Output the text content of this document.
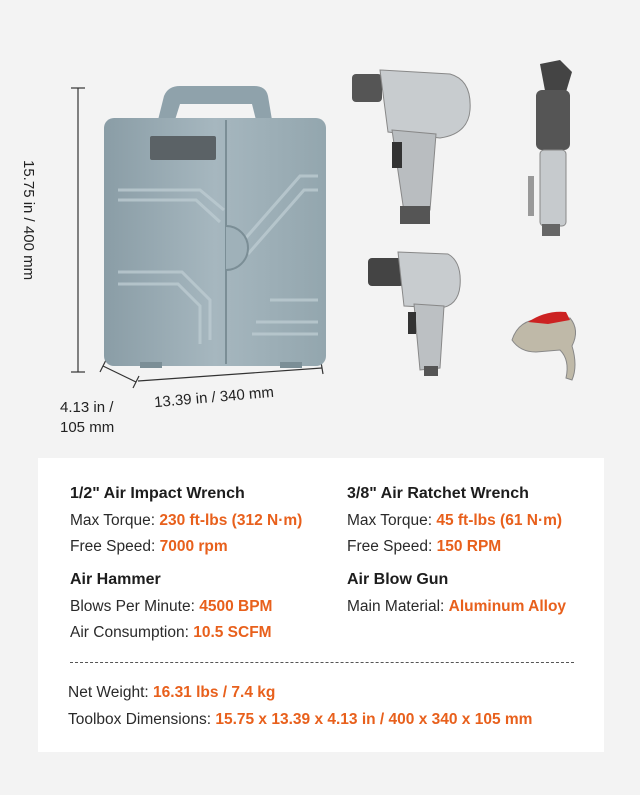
15.75 in / 400 mm
13.39 in / 340 mm
4.13 in / 105 mm
1/2" Air Impact Wrench
Max Torque: 230 ft-lbs (312 N·m)
Free Speed: 7000 rpm
Air Hammer
Blows Per Minute: 4500 BPM
Air Consumption: 10.5 SCFM
3/8" Air Ratchet Wrench
Max Torque: 45 ft-lbs (61 N·m)
Free Speed: 150 RPM
Air Blow Gun
Main Material: Aluminum Alloy
Net Weight: 16.31 lbs / 7.4 kg
Toolbox Dimensions: 15.75 x 13.39 x 4.13 in / 400 x 340 x 105 mm
